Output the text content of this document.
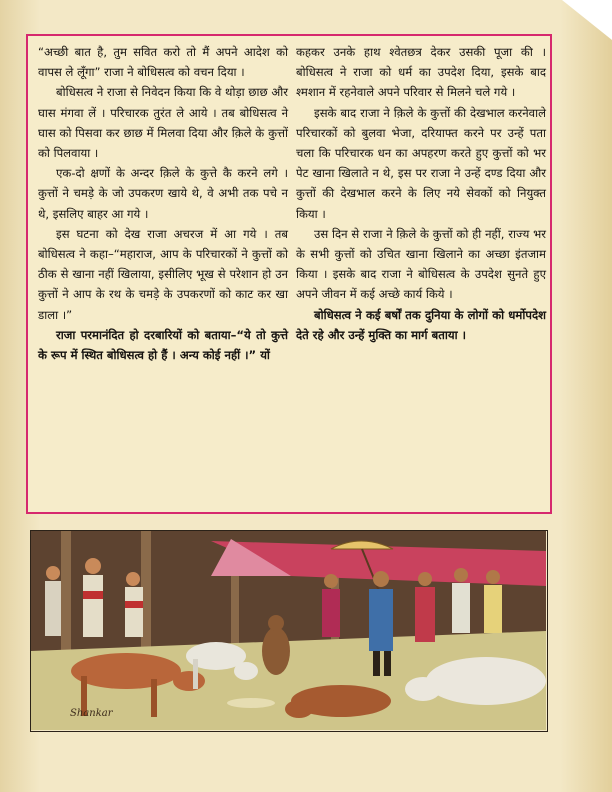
“अच्छी बात है, तुम सवित करो तो मैं अपने आदेश को वापस ले लूँगा” राजा ने बोधिसत्व को वचन दिया ।

बोधिसत्व ने राजा से निवेदन किया कि वे थोड़ा छाछ और घास मंगवा लें । परिचारक तुरंत ले आये । तब बोधिसत्व ने घास को पिसवा कर छाछ में मिलवा दिया और क़िले के कुत्तों को पिलवाया ।

एक-दो क्षणों के अन्दर क़िले के कुत्ते कै करने लगे । कुत्तों ने चमड़े के जो उपकरण खाये थे, वे अभी तक पचे न थे, इसलिए बाहर आ गये ।

इस घटना को देख राजा अचरज में आ गये । तब बोधिसत्व ने कहा–“महाराज, आप के परिचारकों ने कुत्तों को ठीक से खाना नहीं खिलाया, इसीलिए भूख से परेशान हो उन कुत्तों ने आप के रथ के चमड़े के उपकरणों को काट कर खा डाला ।”

राजा परमानंदित हो दरबारियों को बताया–“ये तो कुत्ते के रूप में स्थित बोधिसत्व हो हैं । अन्य कोई नहीं ।” यों

कहकर उनके हाथ श्वेतछत्र देकर उसकी पूजा की । बोधिसत्व ने राजा को धर्म का उपदेश दिया, इसके बाद श्मशान में रहनेवाले अपने परिवार से मिलने चले गये ।

इसके बाद राजा ने क़िले के कुत्तों की देखभाल करनेवाले परिचारकों को बुलवा भेजा, दरियाफ्त करने पर उन्हें पता चला कि परिचारक धन का अपहरण करते हुए कुत्तों को भर पेट खाना खिलाते न थे, इस पर राजा ने उन्हें दण्ड दिया और कुत्तों की देखभाल करने के लिए नये सेवकों को नियुक्त किया ।

उस दिन से राजा ने क़िले के कुत्तों को ही नहीं, राज्य भर के सभी कुत्तों को उचित खाना खिलाने का अच्छा इंतजाम किया । इसके बाद राजा ने बोधिसत्व के उपदेश सुनते हुए अपने जीवन में कई अच्छे कार्य किये ।

बोधिसत्व ने कई बर्षों तक दुनिया के लोगों को धर्मोपदेश देते रहे और उन्हें मुक्ति का मार्ग बताया ।

Shankar
